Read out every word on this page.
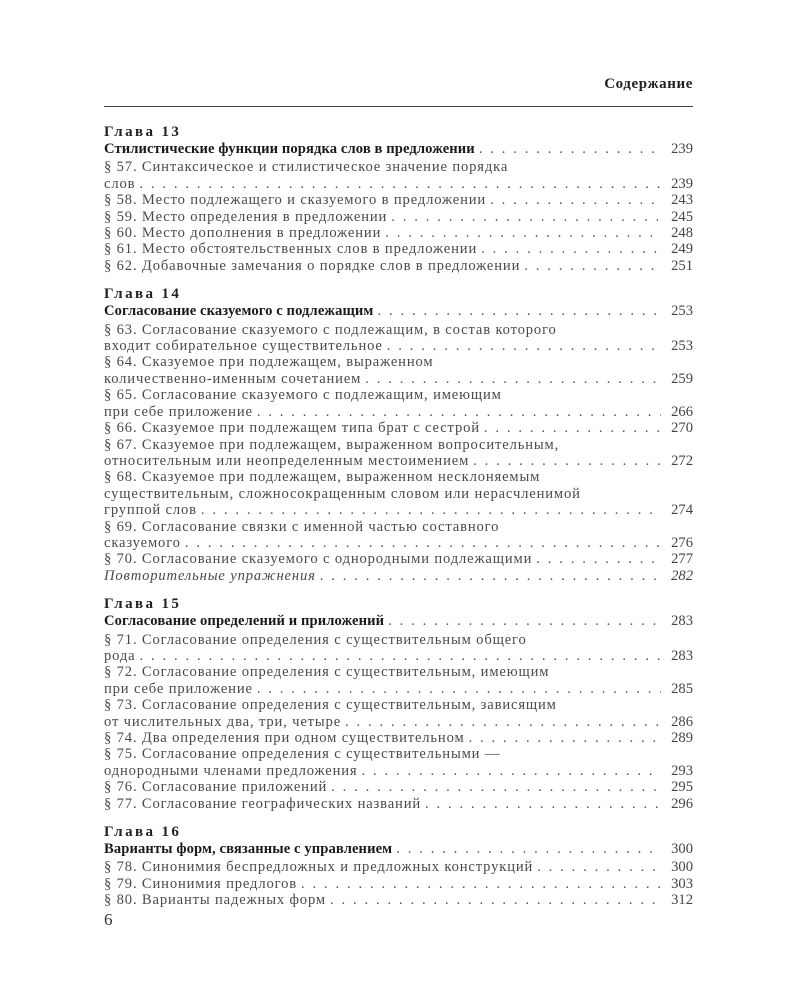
Содержание
Глава 13
Стилистические функции порядка слов в предложении . . .	239
§ 57. Синтаксическое и стилистическое значение порядка
слов . . .	239
§ 58. Место подлежащего и сказуемого в предложении . . .	243
§ 59. Место определения в предложении . . .	245
§ 60. Место дополнения в предложении . . .	248
§ 61. Место обстоятельственных слов в предложении . . .	249
§ 62. Добавочные замечания о порядке слов в предложении . . .	251
Глава 14
Согласование сказуемого с подлежащим . . .	253
§ 63. Согласование сказуемого с подлежащим, в состав которого
входит собирательное существительное . . .	253
§ 64. Сказуемое при подлежащем, выраженном
количественно-именным сочетанием . . .	259
§ 65. Согласование сказуемого с подлежащим, имеющим
при себе приложение . . .	266
§ 66. Сказуемое при подлежащем типа брат с сестрой . . .	270
§ 67. Сказуемое при подлежащем, выраженном вопросительным,
относительным или неопределенным местоимением . . .	272
§ 68. Сказуемое при подлежащем, выраженном несклоняемым
существительным, сложносокращенным словом или нерасчленимой
группой слов . . .	274
§ 69. Согласование связки с именной частью составного
сказуемого . . .	276
§ 70. Согласование сказуемого с однородными подлежащими . . .	277
Повторительные упражнения . . .	282
Глава 15
Согласование определений и приложений . . .	283
§ 71. Согласование определения с существительным общего
рода . . .	283
§ 72. Согласование определения с существительным, имеющим
при себе приложение . . .	285
§ 73. Согласование определения с существительным, зависящим
от числительных два, три, четыре . . .	286
§ 74. Два определения при одном существительном . . .	289
§ 75. Согласование определения с существительными —
однородными членами предложения . . .	293
§ 76. Согласование приложений . . .	295
§ 77. Согласование географических названий . . .	296
Глава 16
Варианты форм, связанные с управлением . . .	300
§ 78. Синонимия беспредложных и предложных конструкций . . .	300
§ 79. Синонимия предлогов . . .	303
§ 80. Варианты падежных форм . . .	312
6
